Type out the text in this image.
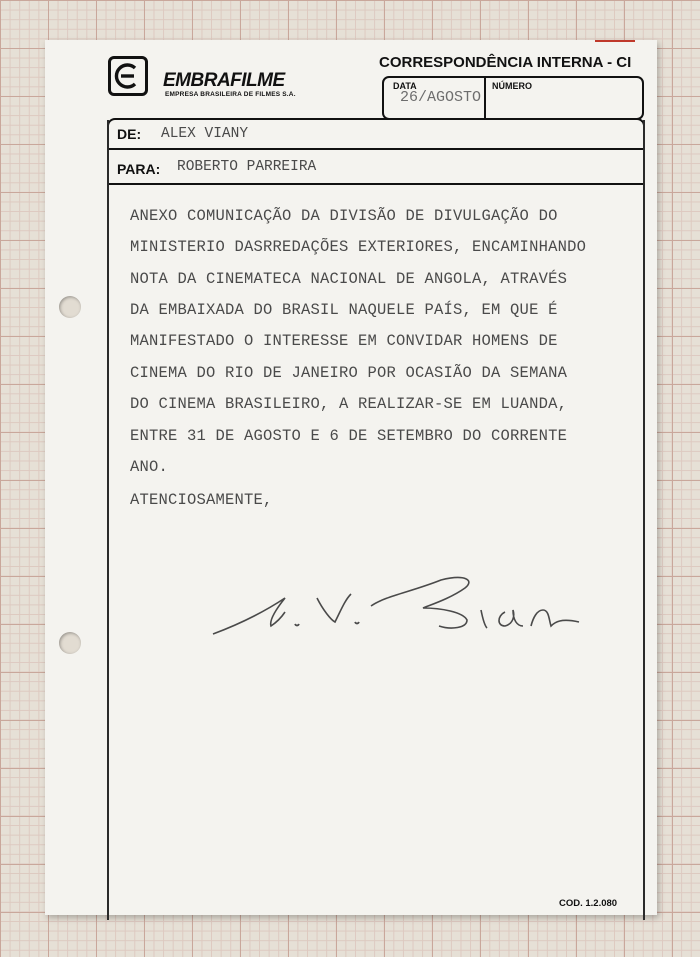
EMBRAFILME
EMPRESA BRASILEIRA DE FILMES S.A.
CORRESPONDÊNCIA INTERNA - CI
DATA
26/AGOSTO
NÚMERO
DE: ALEX VIANY
PARA: ROBERTO PARREIRA
ANEXO COMUNICAÇÃO DA DIVISÃO DE DIVULGAÇÃO DO
MINISTERIO DASRREDAÇÕES EXTERIORES, ENCAMINHANDO
NOTA DA CINEMATECA NACIONAL DE ANGOLA, ATRAVÉS
DA EMBAIXADA DO BRASIL NAQUELE PAÍS, EM QUE É
MANIFESTADO O INTERESSE EM CONVIDAR HOMENS DE
CINEMA DO RIO DE JANEIRO POR OCASIÃO DA SEMANA
DO CINEMA BRASILEIRO, A REALIZAR-SE EM LUANDA,
ENTRE 31 DE AGOSTO E 6 DE SETEMBRO DO CORRENTE
ANO.
ATENCIOSAMENTE,
COD. 1.2.080
